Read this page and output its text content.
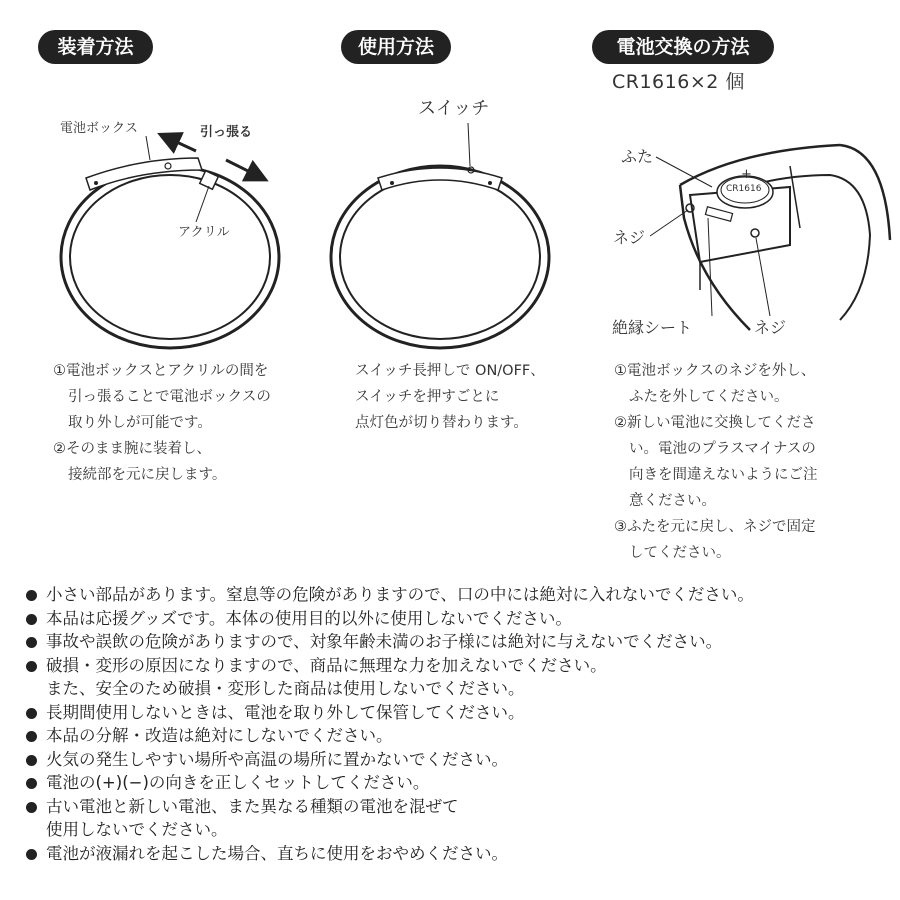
装着方法	使用方法	電池交換の方法
CR1616×2 個
電池ボックス	引っ張る
アクリル
スイッチ
ふた
+
CR1616
ネジ
絶縁シート	ネジ

①電池ボックスとアクリルの間を

引っ張ることで電池ボックスの

取り外しが可能です。

②そのまま腕に装着し、

接続部を元に戻します。

スイッチ長押しで ON/OFF、

スイッチを押すごとに

点灯色が切り替わります。

①電池ボックスのネジを外し、

ふたを外してください。

②新しい電池に交換してくださ

い。電池のプラスマイナスの

向きを間違えないようにご注

意ください。

③ふたを元に戻し、ネジで固定

してください。

小さい部品があります。窒息等の危険がありますので、口の中には絶対に入れないでください。

本品は応援グッズです。本体の使用目的以外に使用しないでください。

事故や誤飲の危険がありますので、対象年齢未満のお子様には絶対に与えないでください。

破損・変形の原因になりますので、商品に無理な力を加えないでください。

また、安全のため破損・変形した商品は使用しないでください。

長期間使用しないときは、電池を取り外して保管してください。

本品の分解・改造は絶対にしないでください。

火気の発生しやすい場所や高温の場所に置かないでください。

電池の(+)(−)の向きを正しくセットしてください。

古い電池と新しい電池、また異なる種類の電池を混ぜて

使用しないでください。

電池が液漏れを起こした場合、直ちに使用をおやめください。
